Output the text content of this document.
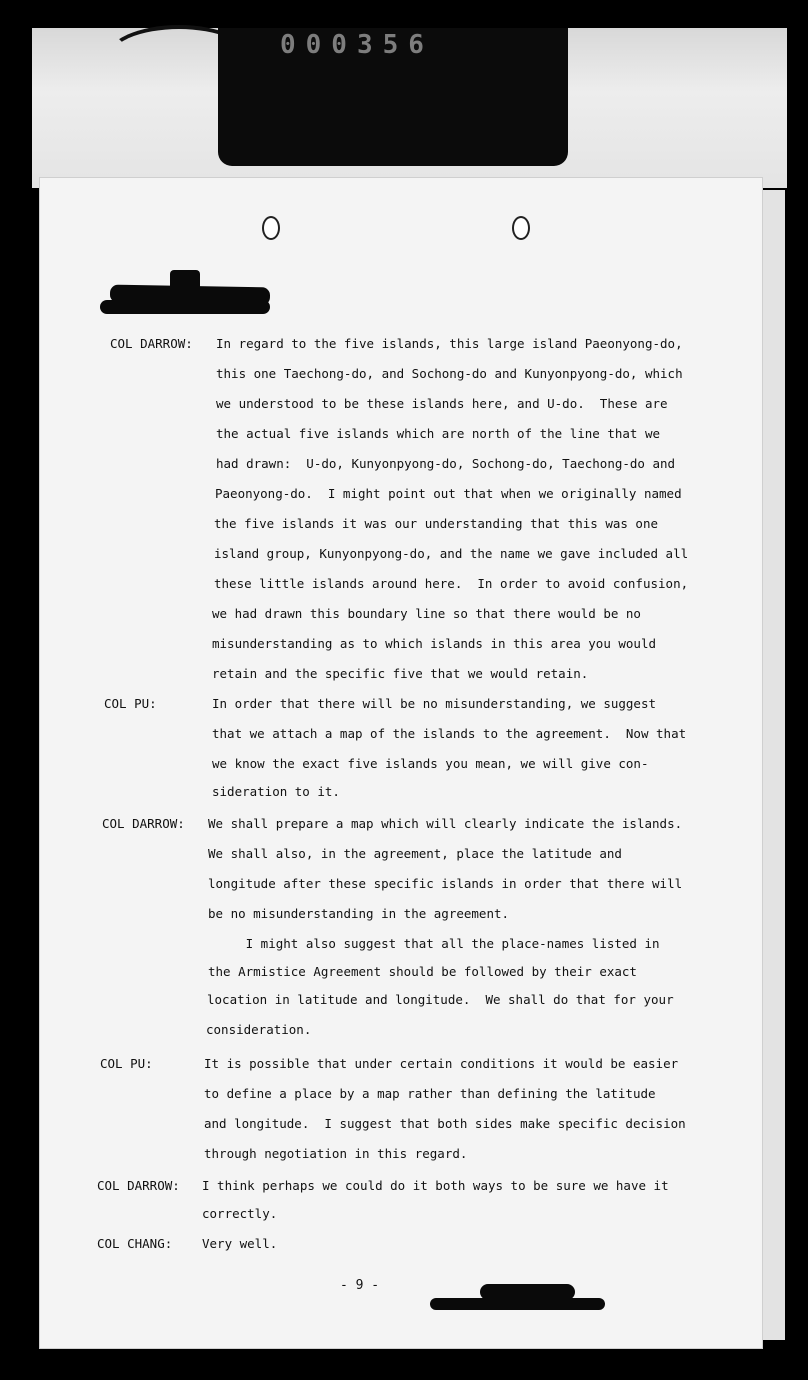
000356
COL DARROW: In regard to the five islands, this large island Paeonyong-do,
this one Taechong-do, and Sochong-do and Kunyonpyong-do, which
we understood to be these islands here, and U-do.  These are
the actual five islands which are north of the line that we
had drawn:  U-do, Kunyonpyong-do, Sochong-do, Taechong-do and
Paeonyong-do.  I might point out that when we originally named
the five islands it was our understanding that this was one
island group, Kunyonpyong-do, and the name we gave included all
these little islands around here.  In order to avoid confusion,
we had drawn this boundary line so that there would be no
misunderstanding as to which islands in this area you would
retain and the specific five that we would retain.
COL PU:	In order that there will be no misunderstanding, we suggest
that we attach a map of the islands to the agreement.  Now that
we know the exact five islands you mean, we will give con-
sideration to it.
COL DARROW: We shall prepare a map which will clearly indicate the islands.
We shall also, in the agreement, place the latitude and
longitude after these specific islands in order that there will
be no misunderstanding in the agreement.
I might also suggest that all the place-names listed in
the Armistice Agreement should be followed by their exact
location in latitude and longitude.  We shall do that for your
consideration.
COL PU:	It is possible that under certain conditions it would be easier
to define a place by a map rather than defining the latitude
and longitude.  I suggest that both sides make specific decision
through negotiation in this regard.
COL DARROW: I think perhaps we could do it both ways to be sure we have it
correctly.
COL CHANG: Very well.
- 9 -
